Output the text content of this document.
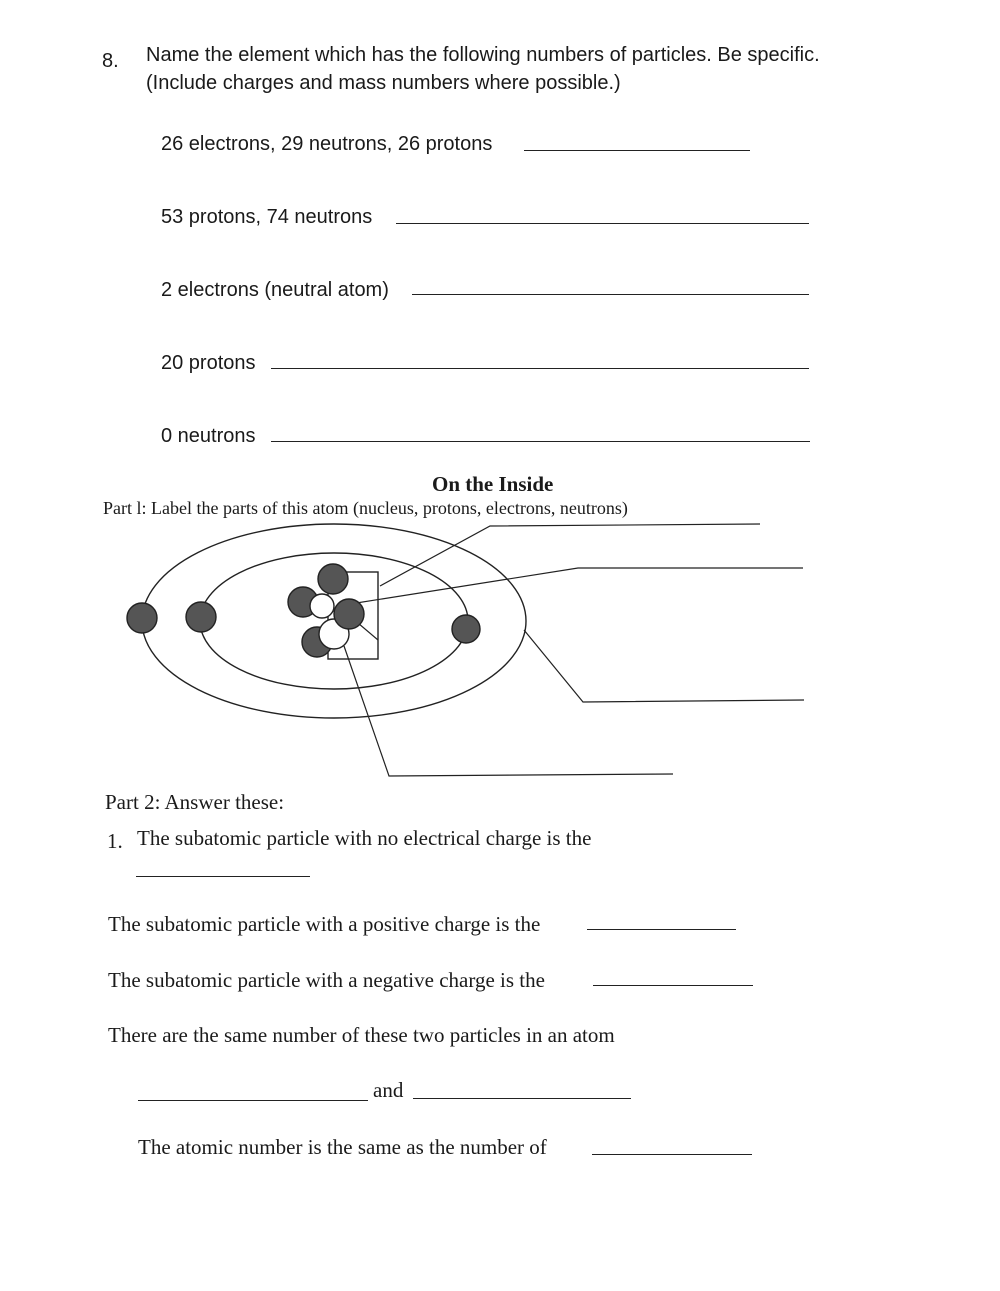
8. Name the element which has the following numbers of particles. Be specific.
(Include charges and mass numbers where possible.)
26 electrons, 29 neutrons, 26 protons
53 protons, 74 neutrons
2 electrons (neutral atom)
20 protons
0 neutrons
On the Inside
Part l: Label the parts of this atom (nucleus, protons, electrons, neutrons)
Part 2: Answer these:
1. The subatomic particle with no electrical charge is the
The subatomic particle with a positive charge is the
The subatomic particle with a negative charge is the
There are the same number of these two particles in an atom
and
The atomic number is the same as the number of
